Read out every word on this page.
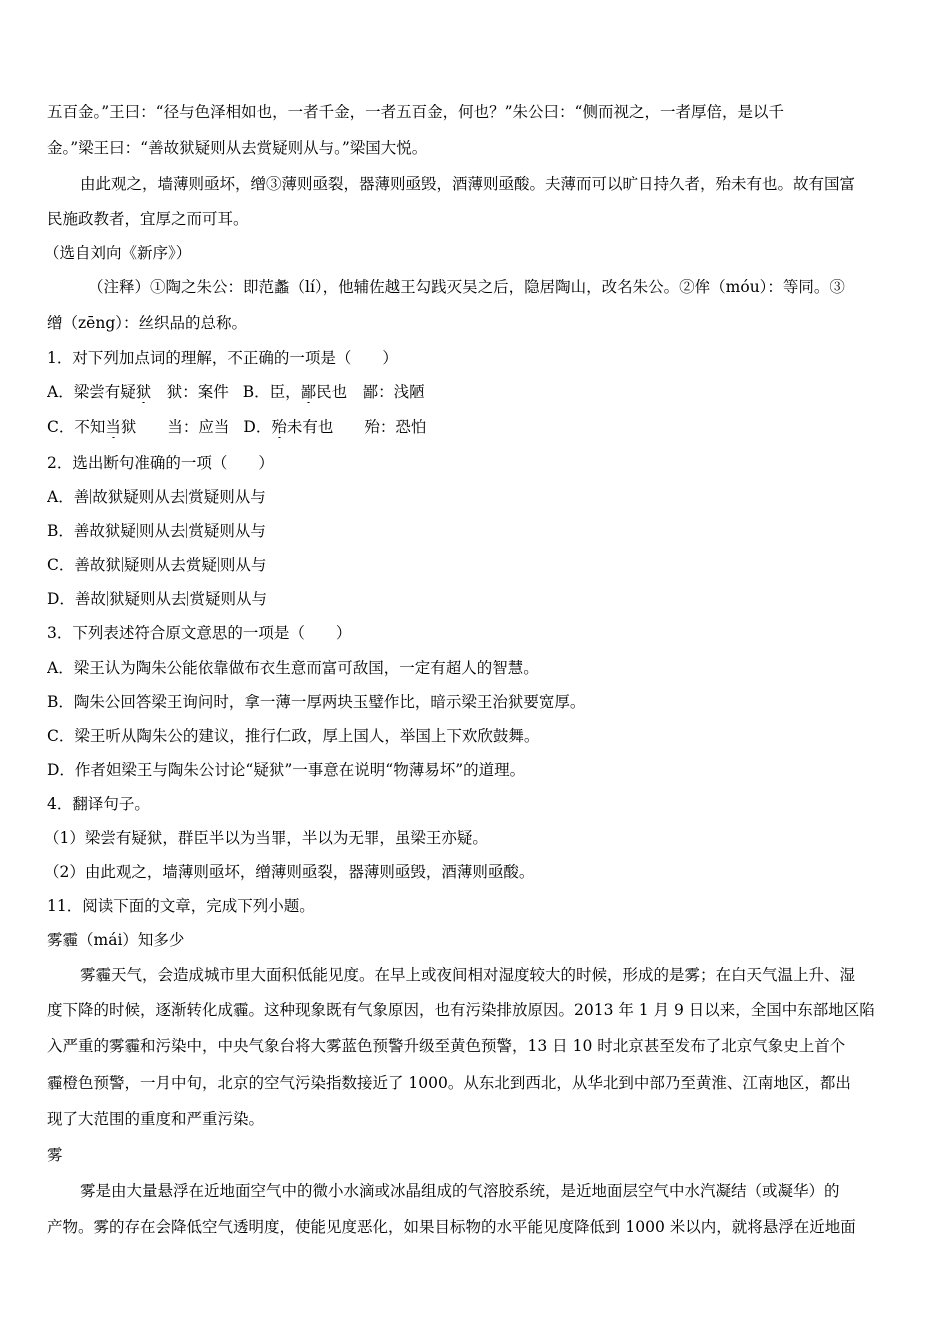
五百金。”王曰：“径与色泽相如也，一者千金，一者五百金，何也？”朱公曰：“侧而视之，一者厚倍，是以千
金。”梁王曰：“善故狱疑则从去赏疑则从与。”梁国大悦。
由此观之，墙薄则亟坏，缯③薄则亟裂，器薄则亟毁，酒薄则亟酸。夫薄而可以旷日持久者，殆未有也。故有国富
民施政教者，宜厚之而可耳。
（选自刘向《新序》）
（注释）①陶之朱公：即范蠡（lí），他辅佐越王勾践灭吴之后，隐居陶山，改名朱公。②侔（móu）：等同。③
缯（zēng）：丝织品的总称。
1．对下列加点词的理解，不正确的一项是（　　）
A．梁尝有疑狱　狱：案件 B．臣，鄙民也　鄙：浅陋
C．不知当狱　　当：应当 D．殆未有也　　殆：恐怕
2．选出断句准确的一项（　　）
A．善 故狱疑则从去 赏疑则从与
B．善故狱疑 则从去 赏疑则从与
C．善故狱 疑则从去赏疑 则从与
D．善故 狱疑则从去 赏疑则从与
3．下列表述符合原文意思的一项是（　　）
A．梁王认为陶朱公能依靠做布衣生意而富可敌国，一定有超人的智慧。
B．陶朱公回答梁王询问时，拿一薄一厚两块玉璧作比，暗示梁王治狱要宽厚。
C．梁王听从陶朱公的建议，推行仁政，厚上国人，举国上下欢欣鼓舞。
D．作者妲梁王与陶朱公讨论“疑狱”一事意在说明“物薄易坏”的道理。
4．翻译句子。
（1）梁尝有疑狱，群臣半以为当罪，半以为无罪，虽梁王亦疑。
（2）由此观之，墙薄则亟坏，缯薄则亟裂，器薄则亟毁，酒薄则亟酸。
11．阅读下面的文章，完成下列小题。
雾霾（mái）知多少
雾霾天气，会造成城市里大面积低能见度。在早上或夜间相对湿度较大的时候，形成的是雾；在白天气温上升、湿
度下降的时候，逐渐转化成霾。这种现象既有气象原因，也有污染排放原因。2013 年 1 月 9 日以来，全国中东部地区陷
入严重的雾霾和污染中，中央气象台将大雾蓝色预警升级至黄色预警，13 日 10 时北京甚至发布了北京气象史上首个
霾橙色预警，一月中旬，北京的空气污染指数接近了 1000。从东北到西北，从华北到中部乃至黄淮、江南地区，都出
现了大范围的重度和严重污染。
雾
雾是由大量悬浮在近地面空气中的微小水滴或冰晶组成的气溶胶系统，是近地面层空气中水汽凝结（或凝华）的
产物。雾的存在会降低空气透明度，使能见度恶化，如果目标物的水平能见度降低到 1000 米以内，就将悬浮在近地面
